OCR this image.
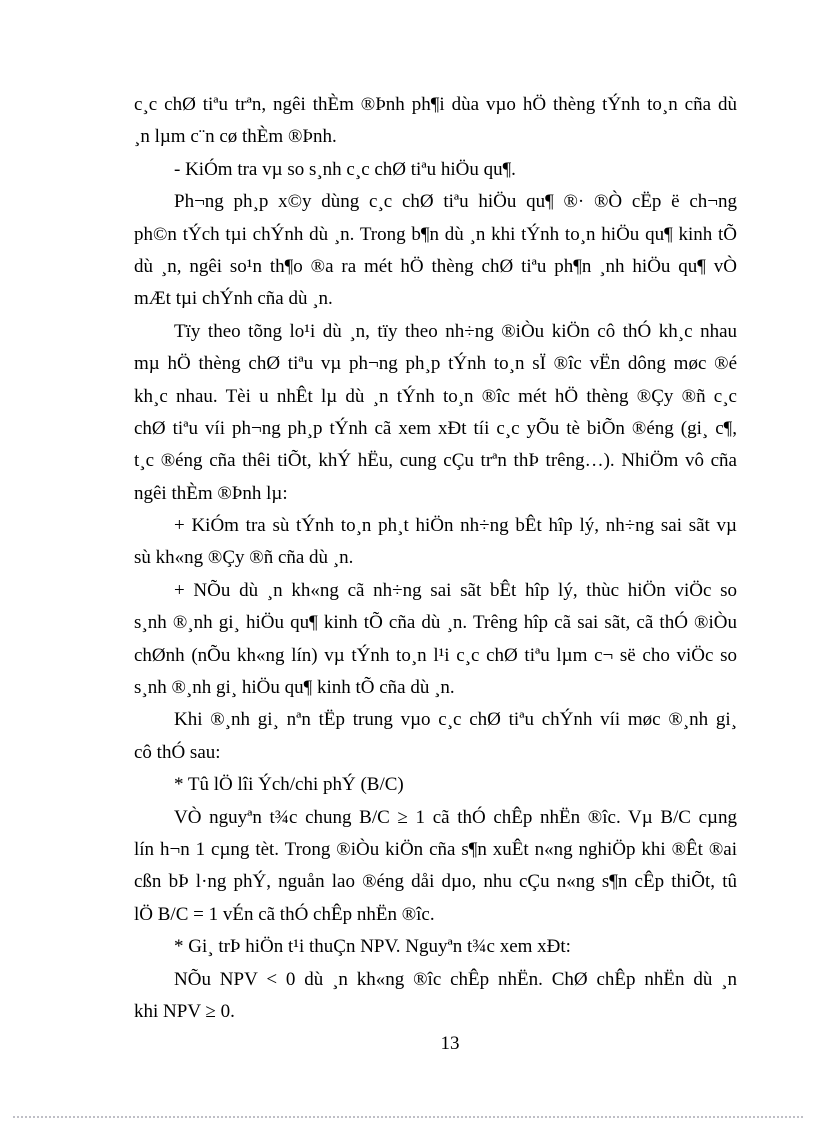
c¸c chØ tiªu trªn, ngêi thÈm ®Þnh ph¶i dùa vµo hÖ thèng tÝnh to¸n cña dù
¸n lµm c¨n cø thÈm ®Þnh.
- KiÓm tra vµ so s¸nh c¸c chØ tiªu hiÖu qu¶.
Ph¬ng ph¸p x©y dùng c¸c chØ tiªu hiÖu qu¶ ®· ®Ò cËp ë ch¬ng
ph©n tÝch tµi chÝnh dù ¸n. Trong b¶n dù ¸n khi tÝnh to¸n hiÖu qu¶ kinh tÕ
dù ¸n, ngêi so¹n th¶o ®a ra mét hÖ thèng chØ tiªu ph¶n ¸nh hiÖu qu¶ vÒ
mÆt tµi chÝnh cña dù ¸n.
Tïy theo tõng lo¹i dù ¸n, tïy theo nh÷ng ®iÒu kiÖn cô thÓ kh¸c nhau
mµ hÖ thèng chØ tiªu vµ ph¬ng ph¸p tÝnh to¸n sÏ ®îc vËn dông møc ®é
kh¸c nhau. Tèi u nhÊt lµ dù ¸n tÝnh to¸n ®îc mét hÖ thèng ®Çy ®ñ c¸c
chØ tiªu víi ph¬ng ph¸p tÝnh cã xem xÐt tíi c¸c yÕu tè biÕn ®éng (gi¸ c¶,
t¸c ®éng cña thêi tiÕt, khÝ hËu, cung cÇu trªn thÞ trêng…). NhiÖm vô cña
ngêi thÈm ®Þnh lµ:
+ KiÓm tra sù tÝnh to¸n ph¸t hiÖn nh÷ng bÊt hîp lý, nh÷ng sai sãt vµ
sù kh«ng ®Çy ®ñ cña dù ¸n.
+ NÕu dù ¸n kh«ng cã nh÷ng sai sãt bÊt hîp lý, thùc hiÖn viÖc so
s¸nh ®¸nh gi¸ hiÖu qu¶ kinh tÕ cña dù ¸n. Trêng hîp cã sai sãt, cã thÓ ®iÒu
chØnh (nÕu kh«ng lín) vµ tÝnh to¸n l¹i c¸c chØ tiªu lµm c¬ së cho viÖc so
s¸nh ®¸nh gi¸ hiÖu qu¶ kinh tÕ cña dù ¸n.
Khi ®¸nh gi¸ nªn tËp trung vµo c¸c chØ tiªu chÝnh víi møc ®¸nh gi¸
cô thÓ sau:
* Tû lÖ lîi Ých/chi phÝ (B/C)
VÒ nguyªn t¾c chung B/C ≥ 1 cã thÓ chÊp nhËn ®îc. Vµ B/C cµng
lín h¬n 1 cµng tèt. Trong ®iÒu kiÖn cña s¶n xuÊt n«ng nghiÖp khi ®Êt ®ai
cßn bÞ l·ng phÝ, nguån lao ®éng dåi dµo, nhu cÇu n«ng s¶n cÊp thiÕt, tû
lÖ B/C = 1 vÉn cã thÓ chÊp nhËn ®îc.
* Gi¸ trÞ hiÖn t¹i thuÇn NPV. Nguyªn t¾c xem xÐt:
NÕu NPV < 0 dù ¸n kh«ng ®îc chÊp nhËn. ChØ chÊp nhËn dù ¸n
khi NPV ≥ 0.
13
